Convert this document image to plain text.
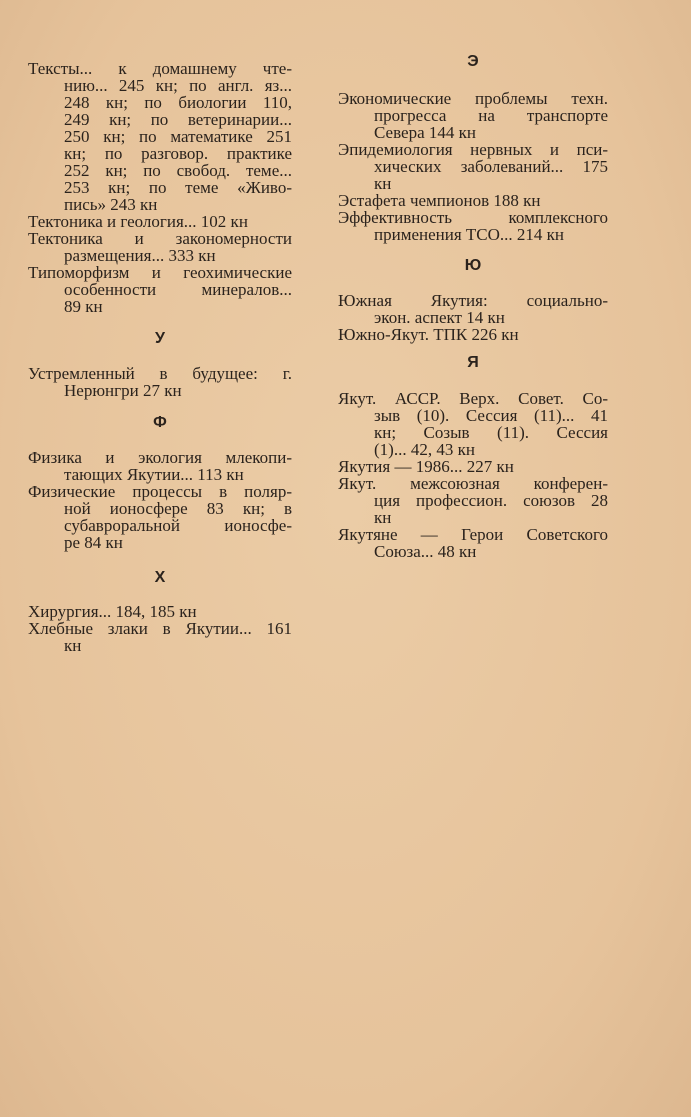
Тексты... к домашнему чте-
нию... 245 кн; по англ. яз...
248 кн; по биологии 110,
249 кн; по ветеринарии...
250 кн; по математике 251
кн; по разговор. практике
252 кн; по свобод. теме...
253 кн; по теме «Живо-
пись» 243 кн
Тектоника и геология... 102 кн
Тектоника и закономерности
размещения... 333 кн
Типоморфизм и геохимические
особенности минералов...
89 кн
У
Устремленный в будущее: г.
Нерюнгри 27 кн
Ф
Физика и экология млекопи-
тающих Якутии... 113 кн
Физические процессы в поляр-
ной ионосфере 83 кн; в
субавроральной ионосфе-
ре 84 кн
Х
Хирургия... 184, 185 кн
Хлебные злаки в Якутии... 161
кн
Э
Экономические проблемы техн.
прогресса на транспорте
Севера 144 кн
Эпидемиология нервных и пси-
хических заболеваний... 175
кн
Эстафета чемпионов 188 кн
Эффективность комплексного
применения ТСО... 214 кн
Ю
Южная Якутия: социально-
экон. аспект 14 кн
Южно-Якут. ТПК 226 кн
Я
Якут. АССР. Верх. Совет. Со-
зыв (10). Сессия (11)... 41
кн; Созыв (11). Сессия
(1)... 42, 43 кн
Якутия — 1986... 227 кн
Якут. межсоюзная конферен-
ция профессион. союзов 28
кн
Якутяне — Герои Советского
Союза... 48 кн
